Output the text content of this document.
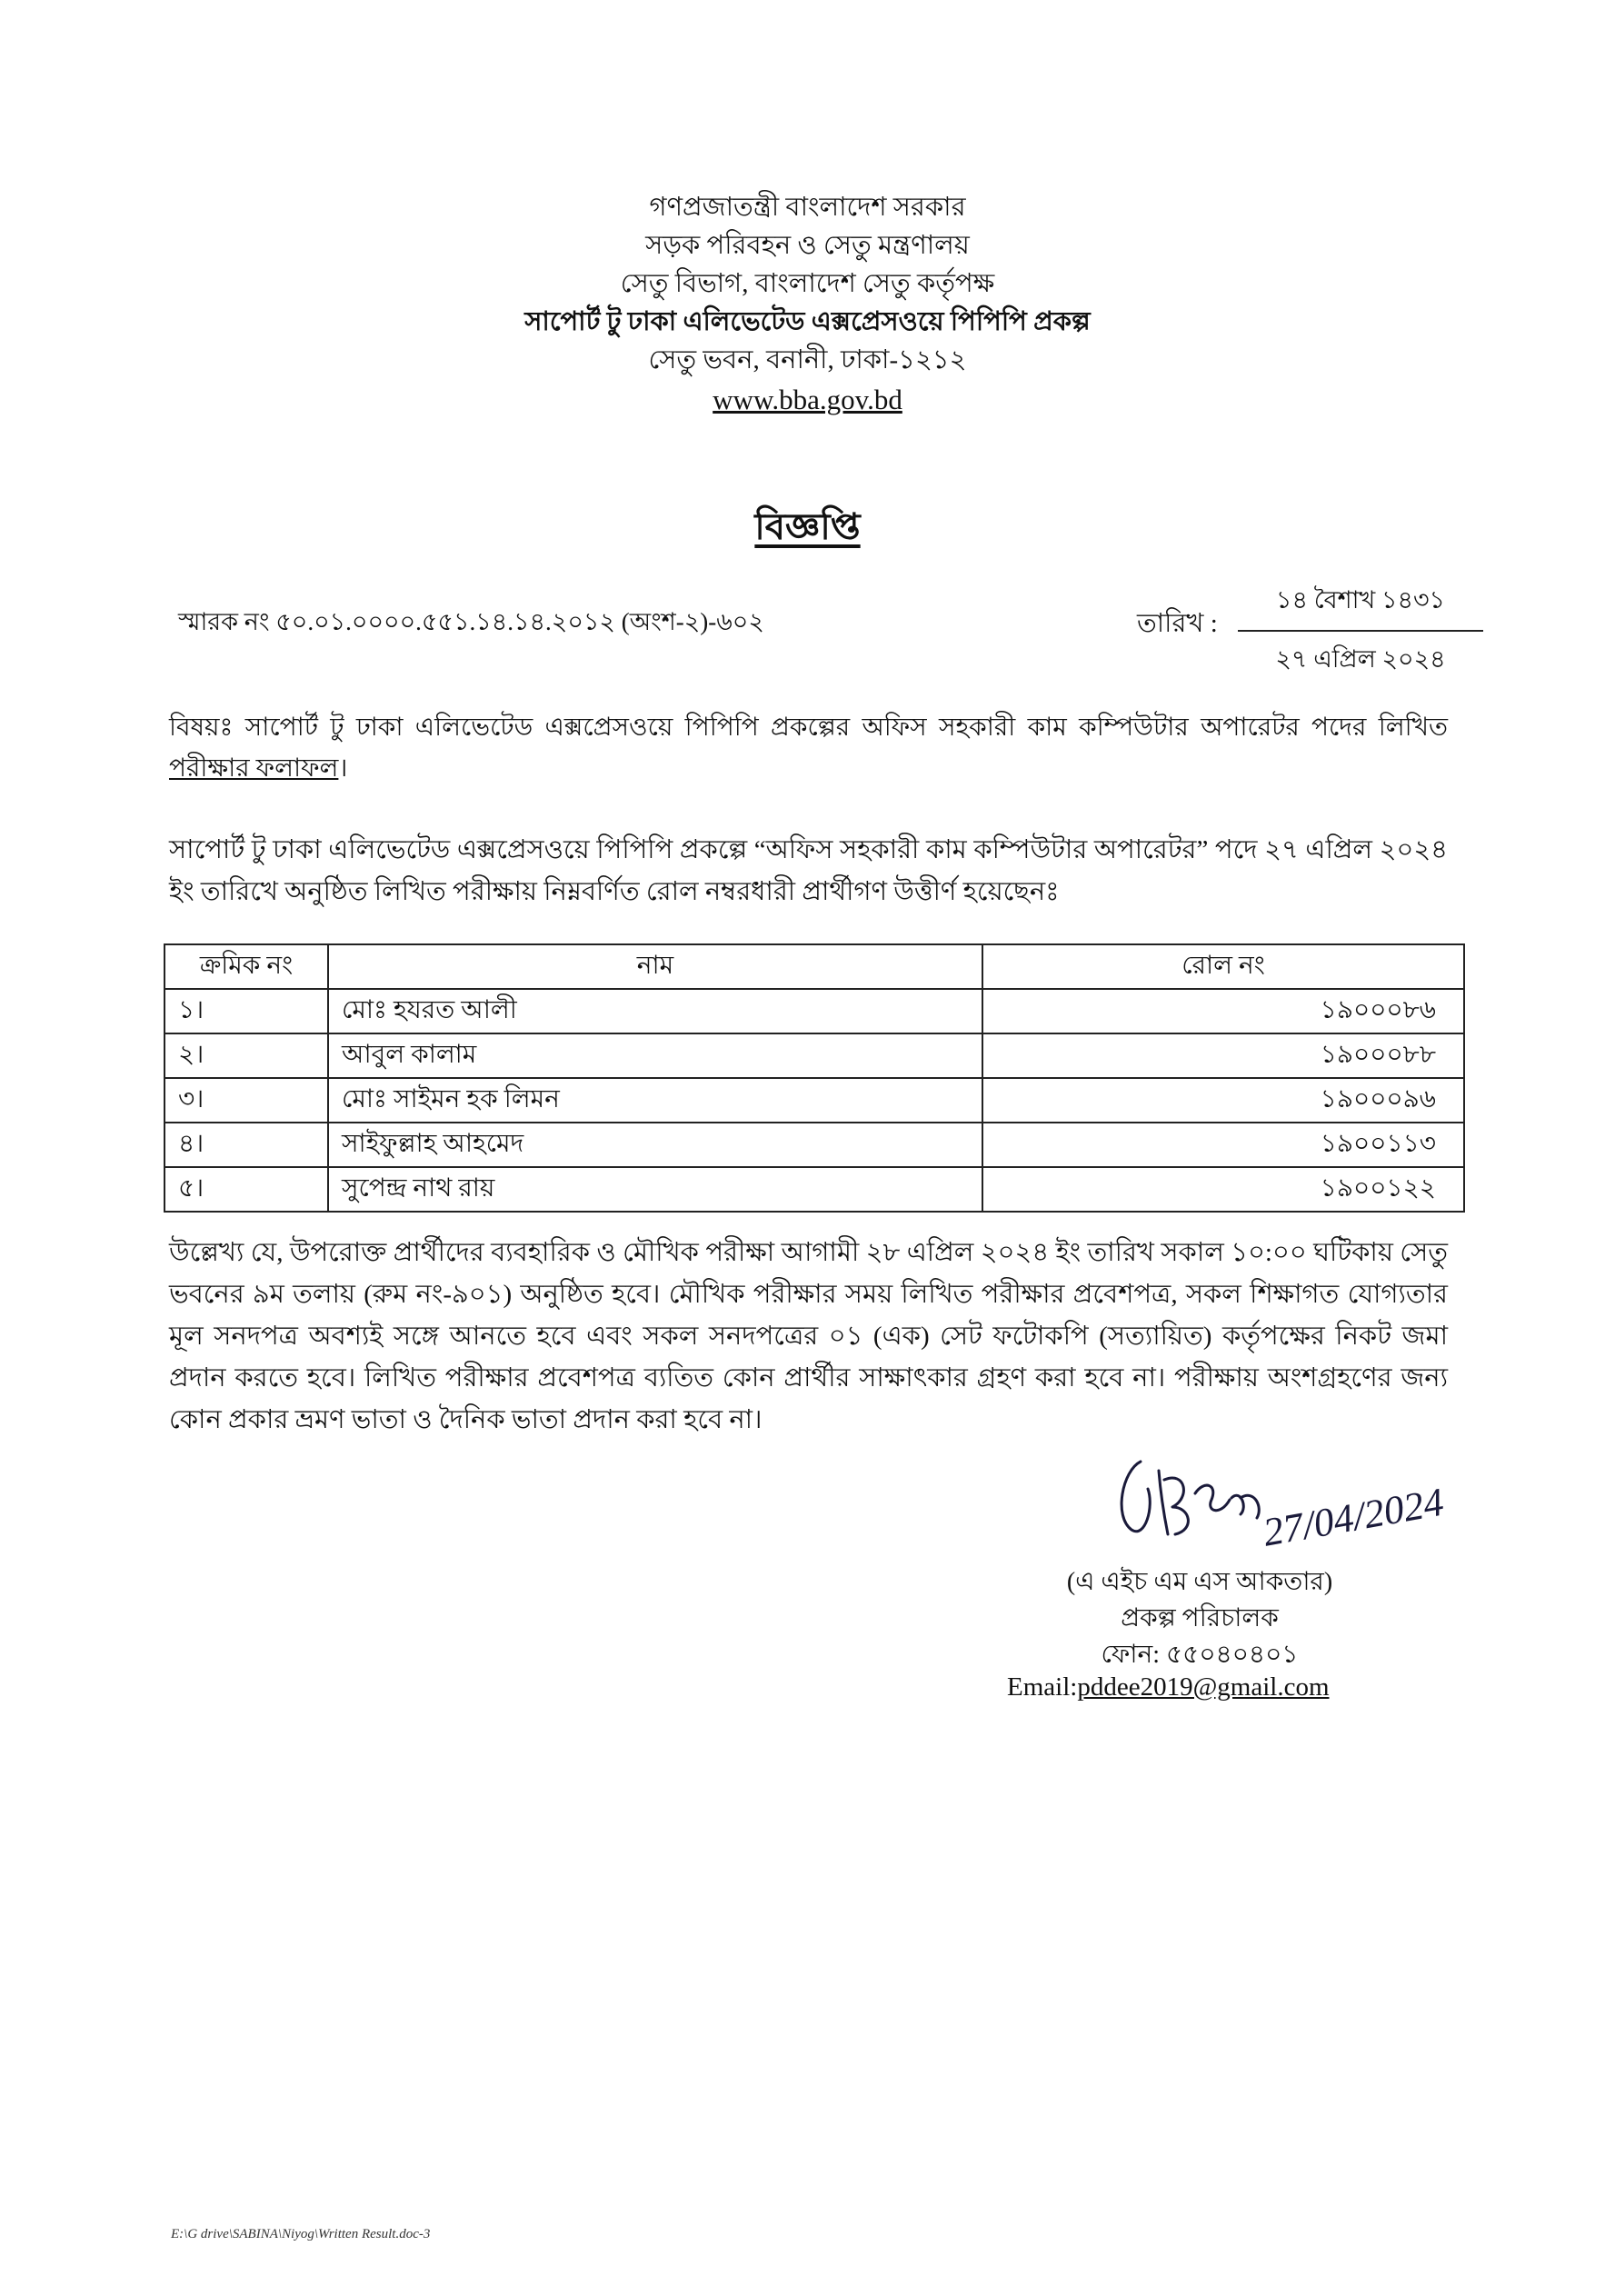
গণপ্রজাতন্ত্রী বাংলাদেশ সরকার
সড়ক পরিবহন ও সেতু মন্ত্রণালয়
সেতু বিভাগ, বাংলাদেশ সেতু কর্তৃপক্ষ
সাপোর্ট টু ঢাকা এলিভেটেড এক্সপ্রেসওয়ে পিপিপি প্রকল্প
সেতু ভবন, বনানী, ঢাকা-১২১২
www.bba.gov.bd
বিজ্ঞপ্তি
স্মারক নং ৫০.০১.০০০০.৫৫১.১৪.১৪.২০১২ (অংশ-২)-৬০২	তারিখ :
১৪ বৈশাখ ১৪৩১
২৭ এপ্রিল ২০২৪
বিষয়ঃ সাপোর্ট টু ঢাকা এলিভেটেড এক্সপ্রেসওয়ে পিপিপি প্রকল্পের অফিস সহকারী কাম কম্পিউটার অপারেটর পদের লিখিত পরীক্ষার ফলাফল।
সাপোর্ট টু ঢাকা এলিভেটেড এক্সপ্রেসওয়ে পিপিপি প্রকল্পে “অফিস সহকারী কাম কম্পিউটার অপারেটর” পদে ২৭ এপ্রিল ২০২৪ ইং তারিখে অনুষ্ঠিত লিখিত পরীক্ষায় নিম্নবর্ণিত রোল নম্বরধারী প্রার্থীগণ উত্তীর্ণ হয়েছেনঃ
ক্রমিক নং	নাম	রোল নং
১।	মোঃ হযরত আলী	১৯০০০৮৬
২।	আবুল কালাম	১৯০০০৮৮
৩।	মোঃ সাইমন হক লিমন	১৯০০০৯৬
৪।	সাইফুল্লাহ আহমেদ	১৯০০১১৩
৫।	সুপেন্দ্র নাথ রায়	১৯০০১২২
উল্লেখ্য যে, উপরোক্ত প্রার্থীদের ব্যবহারিক ও মৌখিক পরীক্ষা আগামী ২৮ এপ্রিল ২০২৪ ইং তারিখ সকাল ১০:০০ ঘটিকায় সেতু ভবনের ৯ম তলায় (রুম নং-৯০১) অনুষ্ঠিত হবে। মৌখিক পরীক্ষার সময় লিখিত পরীক্ষার প্রবেশপত্র, সকল শিক্ষাগত যোগ্যতার মূল সনদপত্র অবশ্যই সঙ্গে আনতে হবে এবং সকল সনদপত্রের ০১ (এক) সেট ফটোকপি (সত্যায়িত) কর্তৃপক্ষের নিকট জমা প্রদান করতে হবে। লিখিত পরীক্ষার প্রবেশপত্র ব্যতিত কোন প্রার্থীর সাক্ষাৎকার গ্রহণ করা হবে না। পরীক্ষায় অংশগ্রহণের জন্য কোন প্রকার ভ্রমণ ভাতা ও দৈনিক ভাতা প্রদান করা হবে না।
27/04/2024
(এ এইচ এম এস আকতার)
প্রকল্প পরিচালক
ফোন: ৫৫০৪০৪০১
Email:pddee2019@gmail.com
E:\G drive\SABINA\Niyog\Written Result.doc-3
